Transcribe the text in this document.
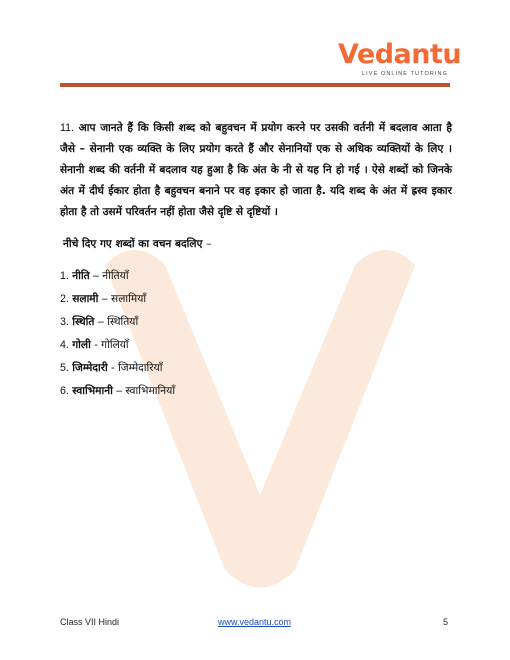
Vedantu
LIVE ONLINE TUTORING

11. आप जानते हैं कि किसी शब्द को बहुवचन में प्रयोग करने पर उसकी वर्तनी में बदलाव आता है जैसे – सेनानी एक व्यक्ति के लिए प्रयोग करते हैं और सेनानियों एक से अधिक व्यक्तियों के लिए । सेनानी शब्द की वर्तनी में बदलाव यह हुआ है कि अंत के नी से यह नि हो गई । ऐसे शब्दों को जिनके अंत में दीर्घ ईकार होता है बहुवचन बनाने पर वह इकार हो जाता है. यदि शब्द के अंत में ह्रस्व इकार होता है तो उसमें परिवर्तन नहीं होता जैसे दृष्टि से दृष्टियों ।

नीचे दिए गए शब्दों का वचन बदलिए –
1. नीति – नीतियाँ
2. सलामी – सलामियाँ
3. स्थिति – स्थितियाँ
4. गोली - गोलियाँ
5. जिम्मेदारी - जिम्मेदारियाँ
6. स्वाभिमानी – स्वाभिमानियाँ
Class VII Hindi	www.vedantu.com	5
